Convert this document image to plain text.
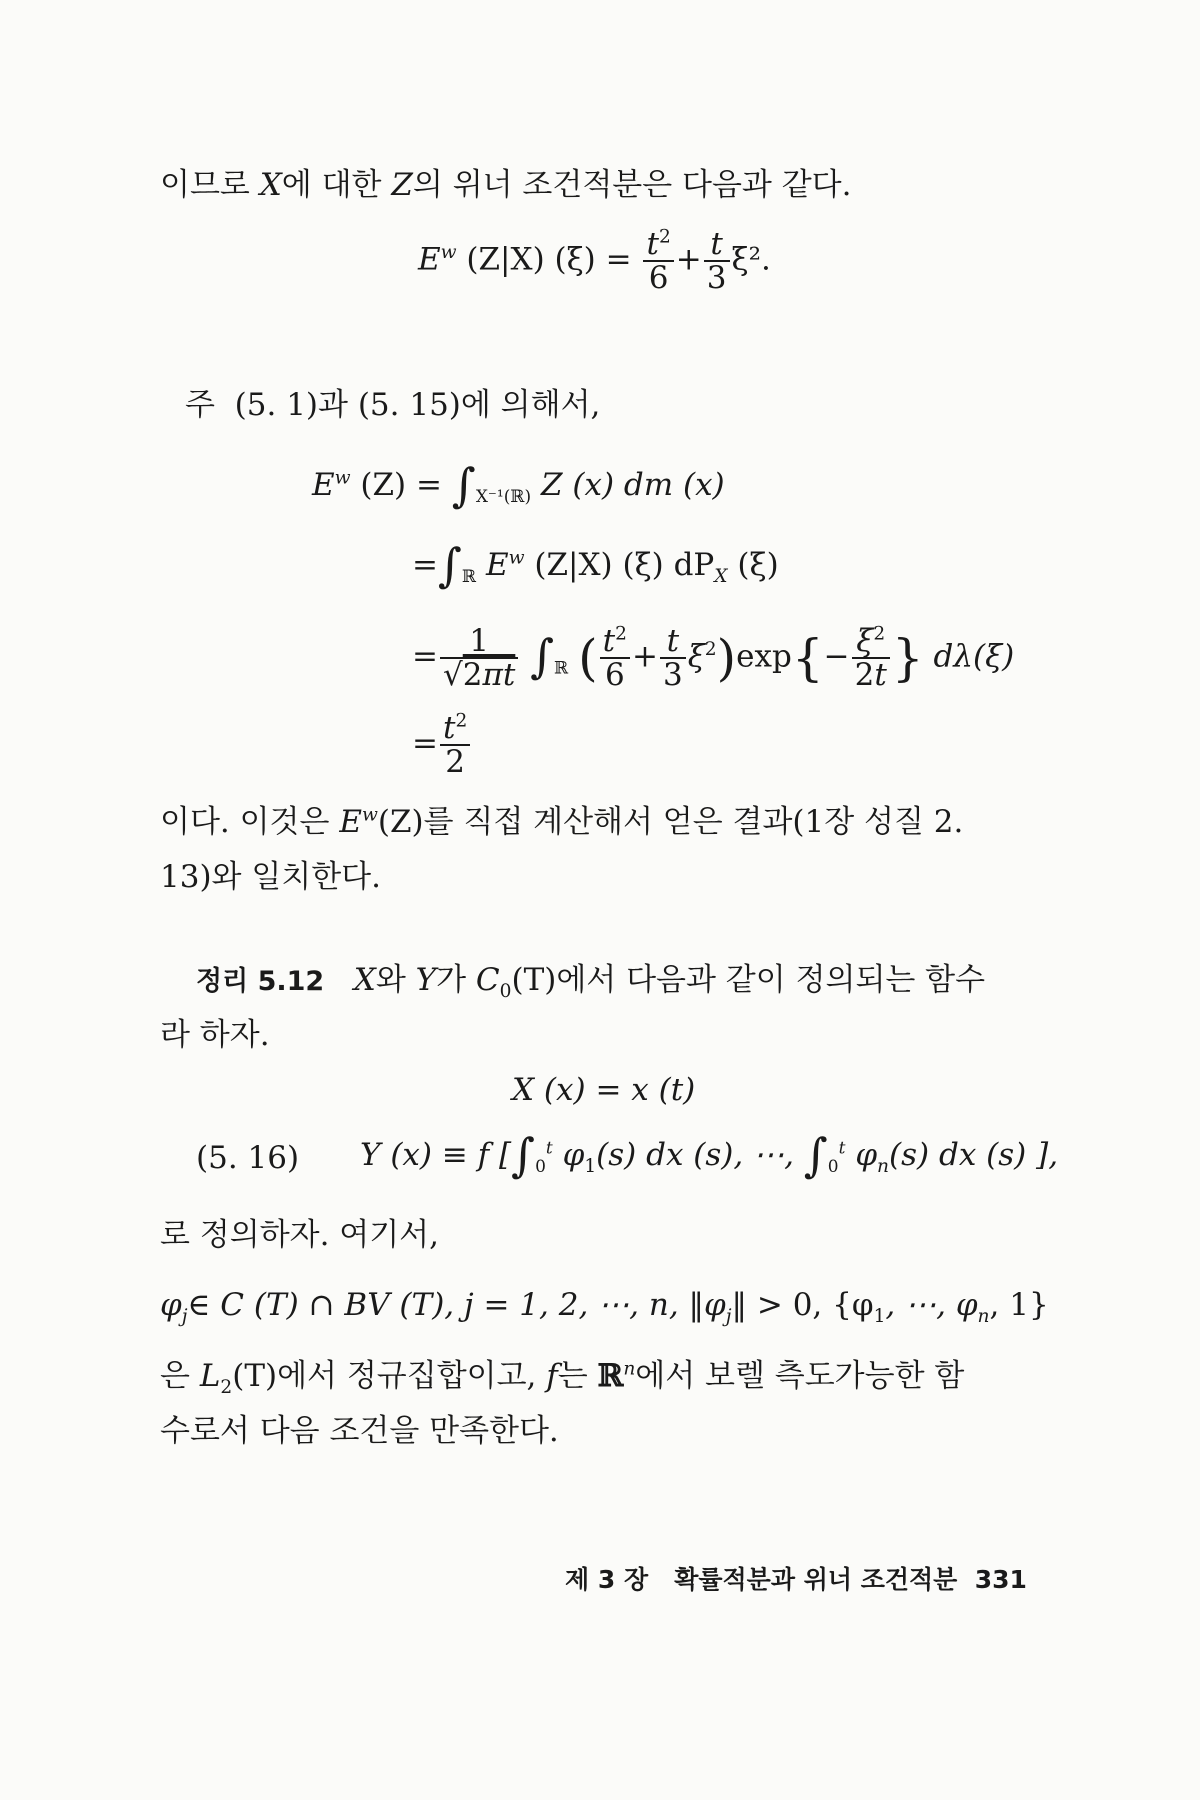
이므로 X에 대한 Z의 위너 조건적분은 다음과 같다.
$E^w$ (Z|X) $(\xi) = \frac{t^2}{6} + \frac{t}{3} \xi^2$.
주 (5. 1)과 (5. 15)에 의해서,
$E^w$ $(Z) = \int_{X^{-1}(ℝ)}$ Z (x) dm (x)
$=\int_ℝ$ $E^w$ (Z|X) (ξ) $dP_X$ (ξ)
= $\frac{1}{√2\pi t} \int_ℝ$ ( $\frac{t^2}{6} + \frac{t}{3} \xi^2)\exp\{- \frac{\xi^2}{2t}$ } dλ(ξ)
= $\frac{t^2}{2}$
이다. 이것은 $E^w(Z)$를 직접 계산해서 얻은 결과(1장 성질 2.
13)와 일치한다.
정리 5.12 X와 Y가 $C_0(T)$에서 다음과 같이 정의되는 함수
라 하자.
X (x) = x (t)
(5. 16) Y (x) ≡ f [$\int_0^t$ $\varphi_1(s)$ dx (s), ⋯, $\int_0^t$ $\varphi_n(s)$ dx (s) ],
로 정의하자. 여기서,
$\varphi_j\in$ C (T) ∩ BV (T), j = 1, 2, ⋯, n, $‖\varphi_j‖ > 0$, {$\varphi_1$, ⋯, $\varphi_n$, 1}
은 $L_2(T)$에서 정규집합이고, f는 ℝ$^n$에서 보렐 측도가능한 함
수로서 다음 조건을 만족한다.
제 3 장 확률적분과 위너 조건적분 331
